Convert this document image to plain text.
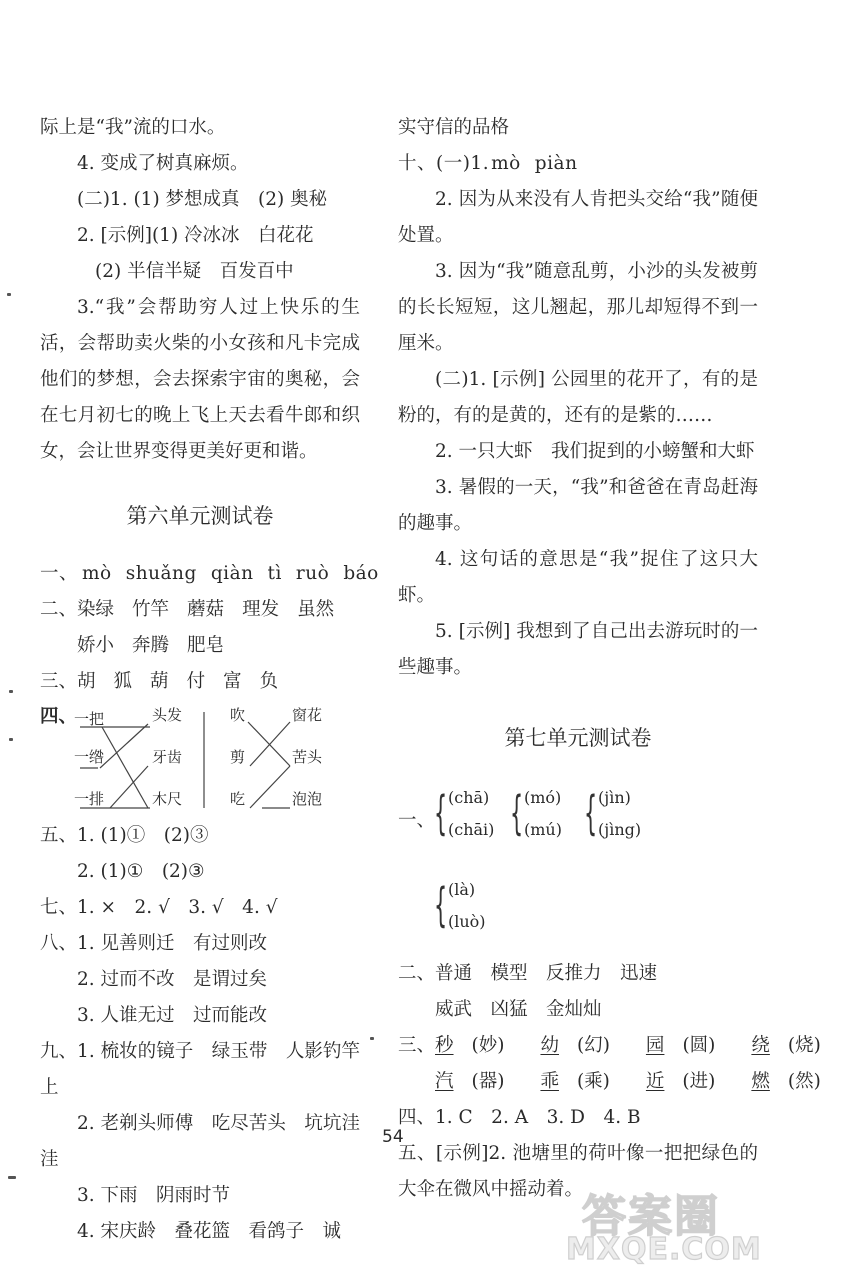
际上是“我”流的口水。
4. 变成了树真麻烦。
(二)1. (1) 梦想成真　(2) 奥秘
2. [示例](1) 冷冰冰　白花花
(2) 半信半疑　百发百中
3.“我”会帮助穷人过上快乐的生活，会帮助卖火柴的小女孩和凡卡完成他们的梦想，会去探索宇宙的奥秘，会在七月初七的晚上飞上天去看牛郎和织女，会让世界变得更美好更和谐。
第六单元测试卷
一、 mò shuǎng qiàn tì ruò báo
二、染绿 竹竿 蘑菇 理发 虽然
娇小 奔腾 肥皂
三、胡 狐 葫 付 富 负
四、
一把
一绺
一排
头发
牙齿
木尺
吹
剪
吃
窗花
苦头
泡泡
五、1. (1)①　(2)③
2. (1)①　(2)③
七、1. ×　2. √　3. √　4. √
八、1. 见善则迁　有过则改
2. 过而不改　是谓过矣
3. 人谁无过　过而能改
九、1. 梳妆的镜子　绿玉带　人影钓竿上
2. 老剃头师傅　吃尽苦头　坑坑洼洼
3. 下雨　阴雨时节
4. 宋庆龄　叠花篮　看鸽子　诚
实守信的品格
十、(一)1.mò piàn
2. 因为从来没有人肯把头交给“我”随便处置。
3. 因为“我”随意乱剪，小沙的头发被剪的长长短短，这儿翘起，那儿却短得不到一厘米。
(二)1. [示例] 公园里的花开了，有的是粉的，有的是黄的，还有的是紫的……
2. 一只大虾　我们捉到的小螃蟹和大虾
3. 暑假的一天，“我”和爸爸在青岛赶海的趣事。
4. 这句话的意思是“我”捉住了这只大虾。
5. [示例] 我想到了自己出去游玩时的一些趣事。
第七单元测试卷
一、
{ (chā)
(chāi) { (mó)
(mú) { (jìn)
(jìng)
{ (là)
(luò)
二、普通　模型　反推力　迅速
威武　凶猛　金灿灿
三、秒 (妙) 幼 (幻) 园 (圆) 绕 (烧)
汽 (器) 乖 (乘) 近 (进) 燃 (然)
四、1. C　2. A　3. D　4. B
五、[示例]2. 池塘里的荷叶像一把把绿色的大伞在微风中摇动着。
54
答案圈
MXQE.COM
